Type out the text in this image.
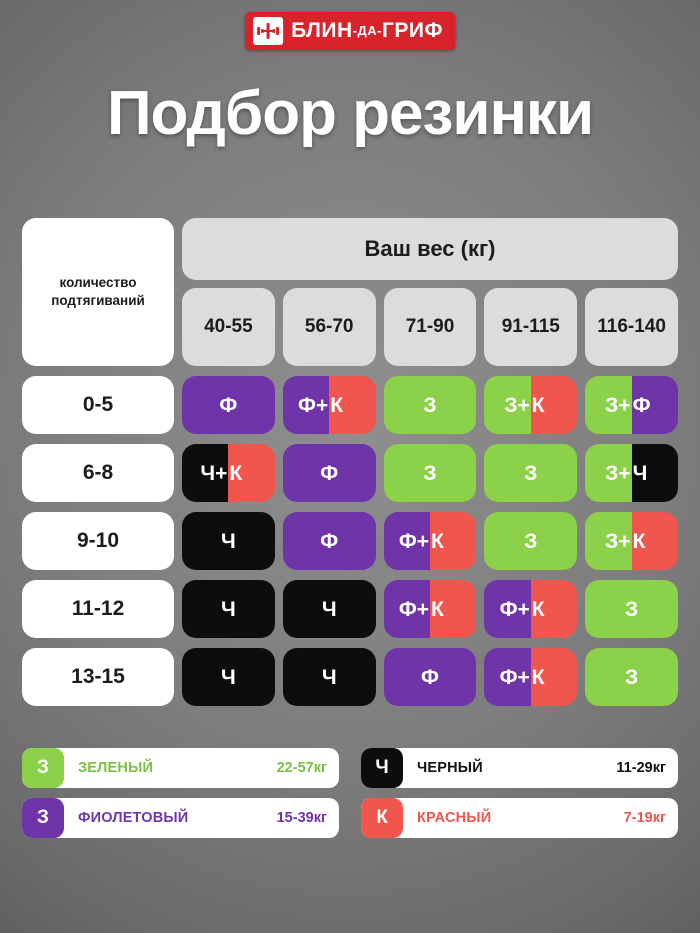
БЛИН-ДА-ГРИФ
Подбор резинки
количество подтягиваний
Ваш вес (кг)
40-55	56-70	71-90	91-115	116-140
0-5	Ф	Ф+ К	З	З+ К	З+ Ф
6-8	Ч+ К	Ф	З	З	З+ Ч
9-10	Ч	Ф	Ф+ К	З	З+ К
11-12	Ч	Ч	Ф+ К	Ф+ К	З
13-15	Ч	Ч	Ф	Ф+ К	З
З	ЗЕЛЕНЫЙ	22-57кг	Ч	ЧЕРНЫЙ	11-29кг
З	ФИОЛЕТОВЫЙ	15-39кг	К	КРАСНЫЙ	7-19кг
